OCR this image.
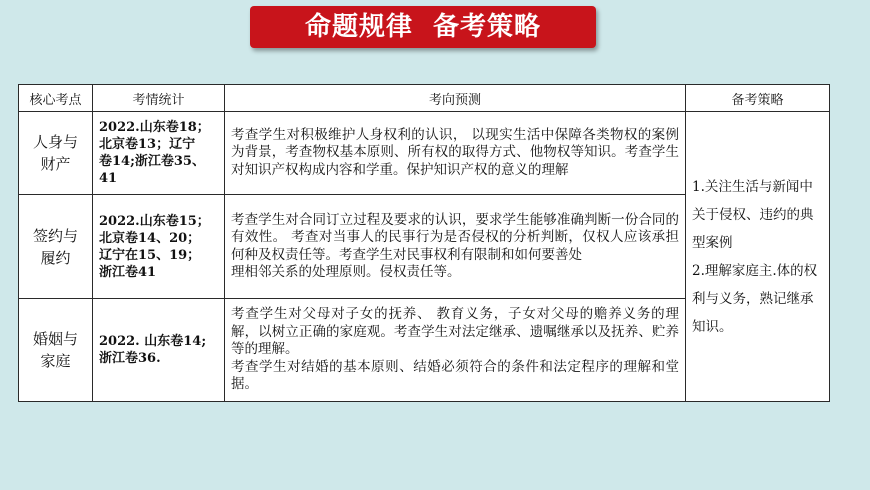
命题规律  备考策略
核心考点	考情统计	考向预测	备考策略
人身与
财产	2022.山东卷18；
北京卷13；辽宁
卷14;浙江卷35、
41	考查学生对积极维护人身权利的认识， 以现实生活中保障各类物权的案例为背景，考查物权基本原则、所有权的取得方式、他物权等知识。考查学生对知识产权构成内容和学重。保护知识产权的意义的理解	1.关注生活与新闻中关于侵权、违约的典型案例
2.理解家庭主.体的权利与义务，熟记继承知识。
签约与
履约	2022.山东卷15；
北京卷14、20；
辽宁在15、19；
浙江卷41	考查学生对合同订立过程及要求的认识，要求学生能够准确判断一份合同的有效性。 考查对当事人的民事行为是否侵权的分析判断，仅权人应该承担何种及权责任等。考查学生对民事权利有限制和如何要善处
理相邻关系的处理原则。侵权责任等。	
婚姻与
家庭	2022. 山东卷14;
浙江卷36.	考查学生对父母对子女的抚养、 教育义务，子女对父母的赡养义务的理解，以树立正确的家庭观。考查学生对法定继承、遗嘱继承以及抚养、贮养等的理解。
考查学生对结婚的基本原则、结婚必须符合的条件和法定程序的理解和堂据。	
